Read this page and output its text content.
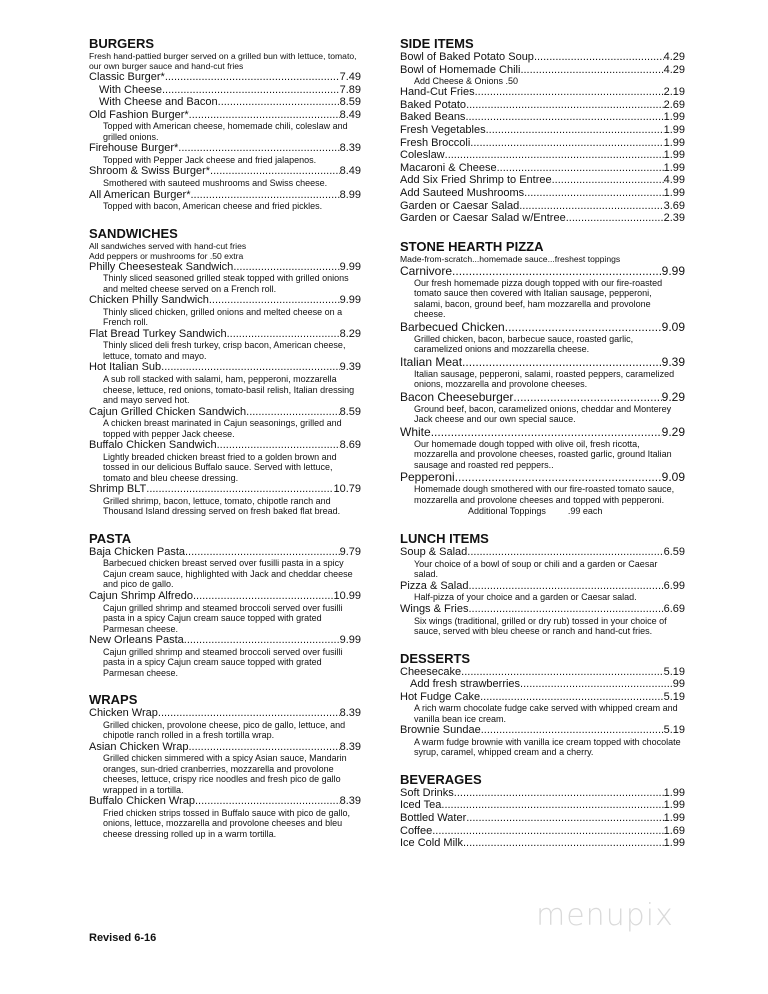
BURGERS
Fresh hand-pattied burger served on a grilled bun with lettuce, tomato, our own burger sauce and hand-cut fries
Classic Burger* .....	7.49
With Cheese .....	7.89
With Cheese and Bacon .....	8.59
Old Fashion Burger* .....	8.49
Topped with American cheese, homemade chili, coleslaw and grilled onions.
Firehouse Burger* .....	8.39
Topped with Pepper Jack cheese and fried jalapenos.
Shroom & Swiss Burger* .....	8.49
Smothered with sauteed mushrooms and Swiss cheese.
All American Burger* .....	8.99
Topped with bacon, American cheese and fried pickles.
SANDWICHES
All sandwiches served with hand-cut fries
Add peppers or mushrooms for .50 extra
Philly Cheesesteak Sandwich .....	9.99
Thinly sliced seasoned grilled steak topped with grilled onions and melted cheese served on a French roll.
Chicken Philly Sandwich .....	9.99
Thinly sliced chicken, grilled onions and melted cheese on a French roll.
Flat Bread Turkey Sandwich .....	8.29
Thinly sliced deli fresh turkey, crisp bacon, American cheese, lettuce, tomato and mayo.
Hot Italian Sub .....	9.39
A sub roll stacked with salami, ham, pepperoni, mozzarella cheese, lettuce, red onions, tomato-basil relish, Italian dressing and mayo served hot.
Cajun Grilled Chicken Sandwich .....	8.59
A chicken breast marinated in Cajun seasonings, grilled and topped with pepper Jack cheese.
Buffalo Chicken Sandwich .....	8.69
Lightly breaded chicken breast fried to a golden brown and tossed in our delicious Buffalo sauce. Served with lettuce, tomato and bleu cheese dressing.
Shrimp BLT .....	10.79
Grilled shrimp, bacon, lettuce, tomato, chipotle ranch and Thousand Island dressing served on fresh baked flat bread.
PASTA
Baja Chicken Pasta .....	9.79
Barbecued chicken breast served over fusilli pasta in a spicy Cajun cream sauce, highlighted with Jack and cheddar cheese and pico de gallo.
Cajun Shrimp Alfredo .....	10.99
Cajun grilled shrimp and steamed broccoli served over fusilli pasta in a spicy Cajun cream sauce topped with grated Parmesan cheese.
New Orleans Pasta .....	9.99
Cajun grilled shrimp and steamed broccoli served over fusilli pasta in a spicy Cajun cream sauce topped with grated Parmesan cheese.
WRAPS
Chicken Wrap .....	8.39
Grilled chicken, provolone cheese, pico de gallo, lettuce, and chipotle ranch rolled in a fresh tortilla wrap.
Asian Chicken Wrap .....	8.39
Grilled chicken simmered with a spicy Asian sauce, Mandarin oranges, sun-dried cranberries, mozzarella and provolone cheeses, lettuce, crispy rice noodles and fresh pico de gallo wrapped in a tortilla.
Buffalo Chicken Wrap .....	8.39
Fried chicken strips tossed in Buffalo sauce with pico de gallo, onions, lettuce, mozzarella and provolone cheeses and bleu cheese dressing rolled up in a warm tortilla.
SIDE ITEMS
Bowl of Baked Potato Soup .....	4.29
Bowl of Homemade Chili .....	4.29
Add Cheese & Onions .50
Hand-Cut Fries .....	2.19
Baked Potato .....	2.69
Baked Beans .....	1.99
Fresh Vegetables .....	1.99
Fresh Broccoli .....	1.99
Coleslaw .....	1.99
Macaroni & Cheese .....	1.99
Add Six Fried Shrimp to Entree .....	4.99
Add Sauteed Mushrooms .....	1.99
Garden or Caesar Salad .....	3.69
Garden or Caesar Salad w/Entree .....	2.39
STONE HEARTH PIZZA
Made-from-scratch...homemade sauce...freshest toppings
Carnivore .....	9.99
Our fresh homemade pizza dough topped with our fire-roasted tomato sauce then covered with Italian sausage, pepperoni, salami, bacon, ground beef, ham mozzarella and provolone cheese.
Barbecued Chicken .....	9.09
Grilled chicken, bacon, barbecue sauce, roasted garlic, caramelized onions and mozzarella cheese.
Italian Meat .....	9.39
Italian sausage, pepperoni, salami, roasted peppers, caramelized onions, mozzarella and provolone cheeses.
Bacon Cheeseburger .....	9.29
Ground beef, bacon, caramelized onions, cheddar and Monterey Jack cheese and our own special sauce.
White .....	9.29
Our homemade dough topped with olive oil, fresh ricotta, mozzarella and provolone cheeses, roasted garlic, ground Italian sausage and roasted red peppers..
Pepperoni .....	9.09
Homemade dough smothered with our fire-roasted tomato sauce, mozzarella and provolone cheeses and topped with pepperoni.
Additional Toppings .99 each
LUNCH ITEMS
Soup & Salad .....	6.59
Your choice of a bowl of soup or chili and a garden or Caesar salad.
Pizza & Salad .....	6.99
Half-pizza of your choice and a garden or Caesar salad.
Wings & Fries .....	6.69
Six wings (traditional, grilled or dry rub) tossed in your choice of sauce, served with bleu cheese or ranch and hand-cut fries.
DESSERTS
Cheesecake .....	5.19
Add fresh strawberries .....	.99
Hot Fudge Cake .....	5.19
A rich warm chocolate fudge cake served with whipped cream and vanilla bean ice cream.
Brownie Sundae .....	5.19
A warm fudge brownie with vanilla ice cream topped with chocolate syrup, caramel, whipped cream and a cherry.
BEVERAGES
Soft Drinks .....	1.99
Iced Tea .....	1.99
Bottled Water .....	1.99
Coffee .....	1.69
Ice Cold Milk .....	1.99
Revised 6-16
menupix
